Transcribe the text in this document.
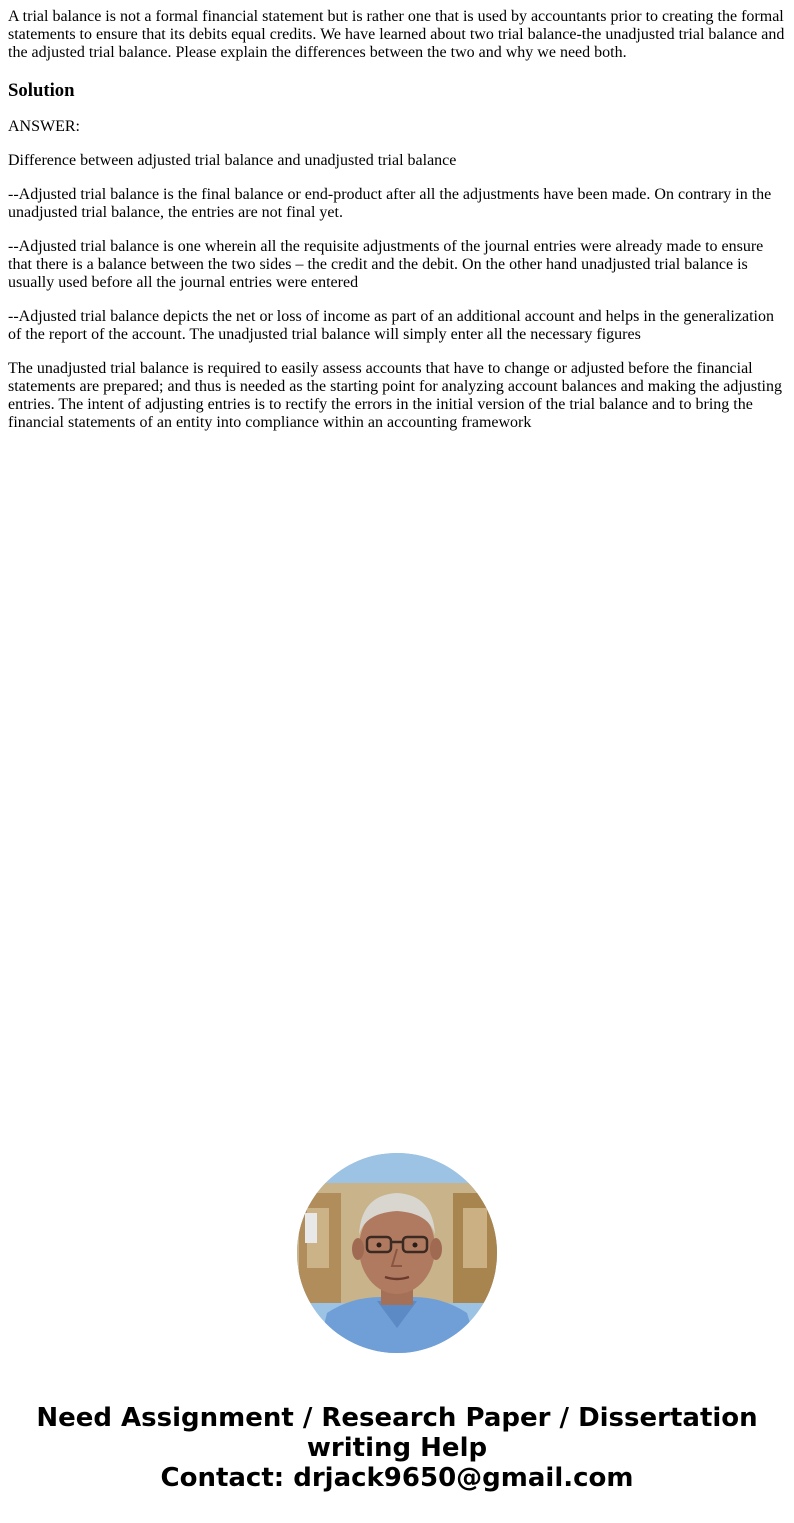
A trial balance is not a formal financial statement but is rather one that is used by accountants prior to creating the formal statements to ensure that its debits equal credits. We have learned about two trial balance-the unadjusted trial balance and the adjusted trial balance. Please explain the differences between the two and why we need both.

Solution

ANSWER:

Difference between adjusted trial balance and unadjusted trial balance

--Adjusted trial balance is the final balance or end-product after all the adjustments have been made. On contrary in the unadjusted trial balance, the entries are not final yet.

--Adjusted trial balance is one wherein all the requisite adjustments of the journal entries were already made to ensure that there is a balance between the two sides – the credit and the debit. On the other hand unadjusted trial balance is usually used before all the journal entries were entered

--Adjusted trial balance depicts the net or loss of income as part of an additional account and helps in the generalization of the report of the account. The unadjusted trial balance will simply enter all the necessary figures

The unadjusted trial balance is required to easily assess accounts that have to change or adjusted before the financial statements are prepared; and thus is needed as the starting point for analyzing account balances and making the adjusting entries. The intent of adjusting entries is to rectify the errors in the initial version of the trial balance and to bring the financial statements of an entity into compliance within an accounting framework

Need Assignment / Research Paper / Dissertation
writing Help
Contact: drjack9650@gmail.com
